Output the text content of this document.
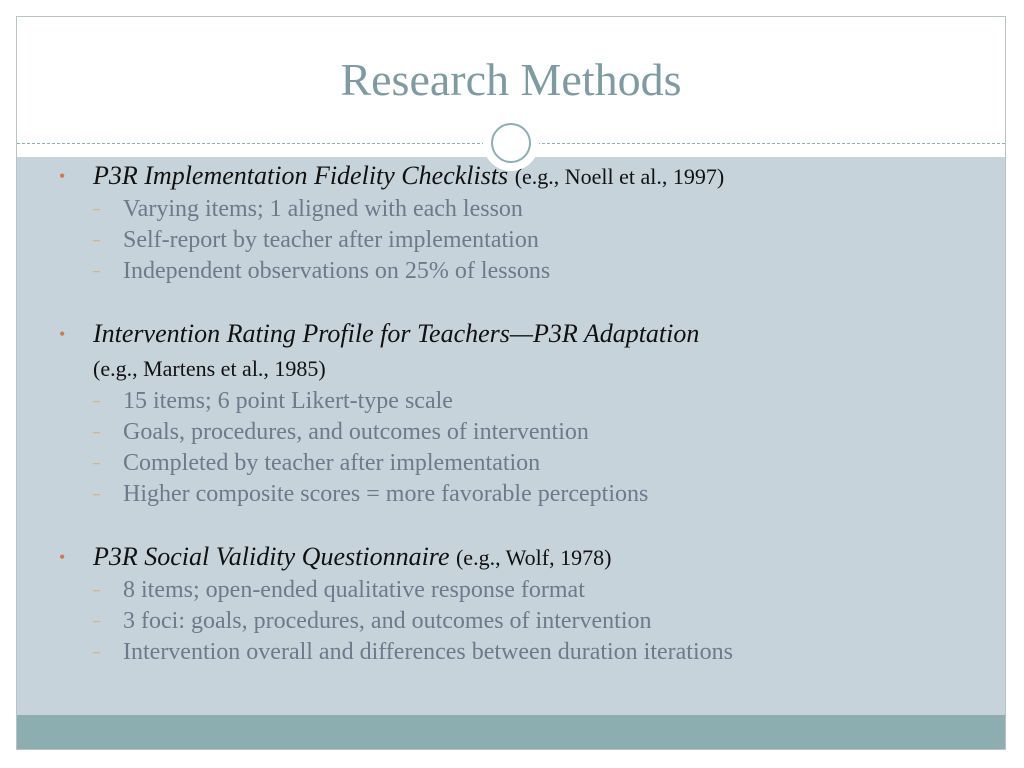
Research Methods
• P3R Implementation Fidelity Checklists (e.g., Noell et al., 1997)
– Varying items; 1 aligned with each lesson
– Self-report by teacher after implementation
– Independent observations on 25% of lessons
• Intervention Rating Profile for Teachers—P3R Adaptation
(e.g., Martens et al., 1985)
– 15 items; 6 point Likert-type scale
– Goals, procedures, and outcomes of intervention
– Completed by teacher after implementation
– Higher composite scores = more favorable perceptions
• P3R Social Validity Questionnaire (e.g., Wolf, 1978)
– 8 items; open-ended qualitative response format
– 3 foci: goals, procedures, and outcomes of intervention
– Intervention overall and differences between duration iterations
